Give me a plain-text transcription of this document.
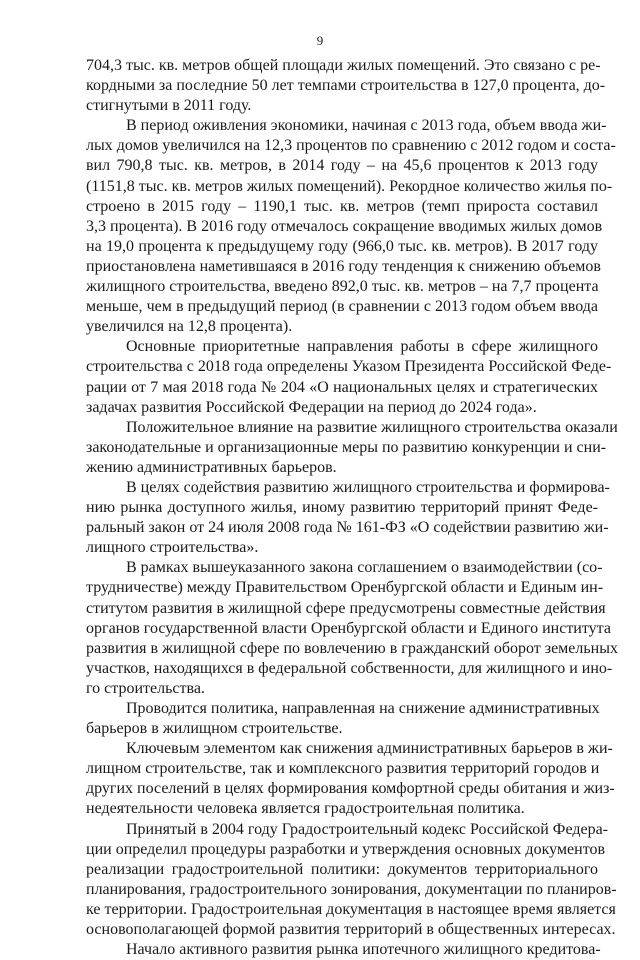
9
704,3 тыс. кв. метров общей площади жилых помещений. Это связано с ре-
кордными за последние 50 лет темпами строительства в 127,0 процента, до-
стигнутыми в 2011 году.
В период оживления экономики, начиная с 2013 года, объем ввода жи-
лых домов увеличился на 12,3 процентов по сравнению с 2012 годом и соста-
вил 790,8 тыс. кв. метров, в 2014 году – на 45,6 процентов к 2013 году
(1151,8 тыс. кв. метров жилых помещений). Рекордное количество жилья по-
строено в 2015 году – 1190,1 тыс. кв. метров (темп прироста составил
3,3 процента). В 2016 году отмечалось сокращение вводимых жилых домов
на 19,0 процента к предыдущему году (966,0 тыс. кв. метров). В 2017 году
приостановлена наметившаяся в 2016 году тенденция к снижению объемов
жилищного строительства, введено 892,0 тыс. кв. метров – на 7,7 процента
меньше, чем в предыдущий период (в сравнении с 2013 годом объем ввода
увеличился на 12,8 процента).
Основные приоритетные направления работы в сфере жилищного
строительства с 2018 года определены Указом Президента Российской Феде-
рации от 7 мая 2018 года № 204 «О национальных целях и стратегических
задачах развития Российской Федерации на период до 2024 года».
Положительное влияние на развитие жилищного строительства оказали
законодательные и организационные меры по развитию конкуренции и сни-
жению административных барьеров.
В целях содействия развитию жилищного строительства и формирова-
нию рынка доступного жилья, иному развитию территорий принят Феде-
ральный закон от 24 июля 2008 года № 161-ФЗ «О содействии развитию жи-
лищного строительства».
В рамках вышеуказанного закона соглашением о взаимодействии (со-
трудничестве) между Правительством Оренбургской области и Единым ин-
ститутом развития в жилищной сфере предусмотрены совместные действия
органов государственной власти Оренбургской области и Единого института
развития в жилищной сфере по вовлечению в гражданский оборот земельных
участков, находящихся в федеральной собственности, для жилищного и ино-
го строительства.
Проводится политика, направленная на снижение административных
барьеров в жилищном строительстве.
Ключевым элементом как снижения административных барьеров в жи-
лищном строительстве, так и комплексного развития территорий городов и
других поселений в целях формирования комфортной среды обитания и жиз-
недеятельности человека является градостроительная политика.
Принятый в 2004 году Градостроительный кодекс Российской Федера-
ции определил процедуры разработки и утверждения основных документов
реализации градостроительной политики: документов территориального
планирования, градостроительного зонирования, документации по планиров-
ке территории. Градостроительная документация в настоящее время является
основополагающей формой развития территорий в общественных интересах.
Начало активного развития рынка ипотечного жилищного кредитова-
